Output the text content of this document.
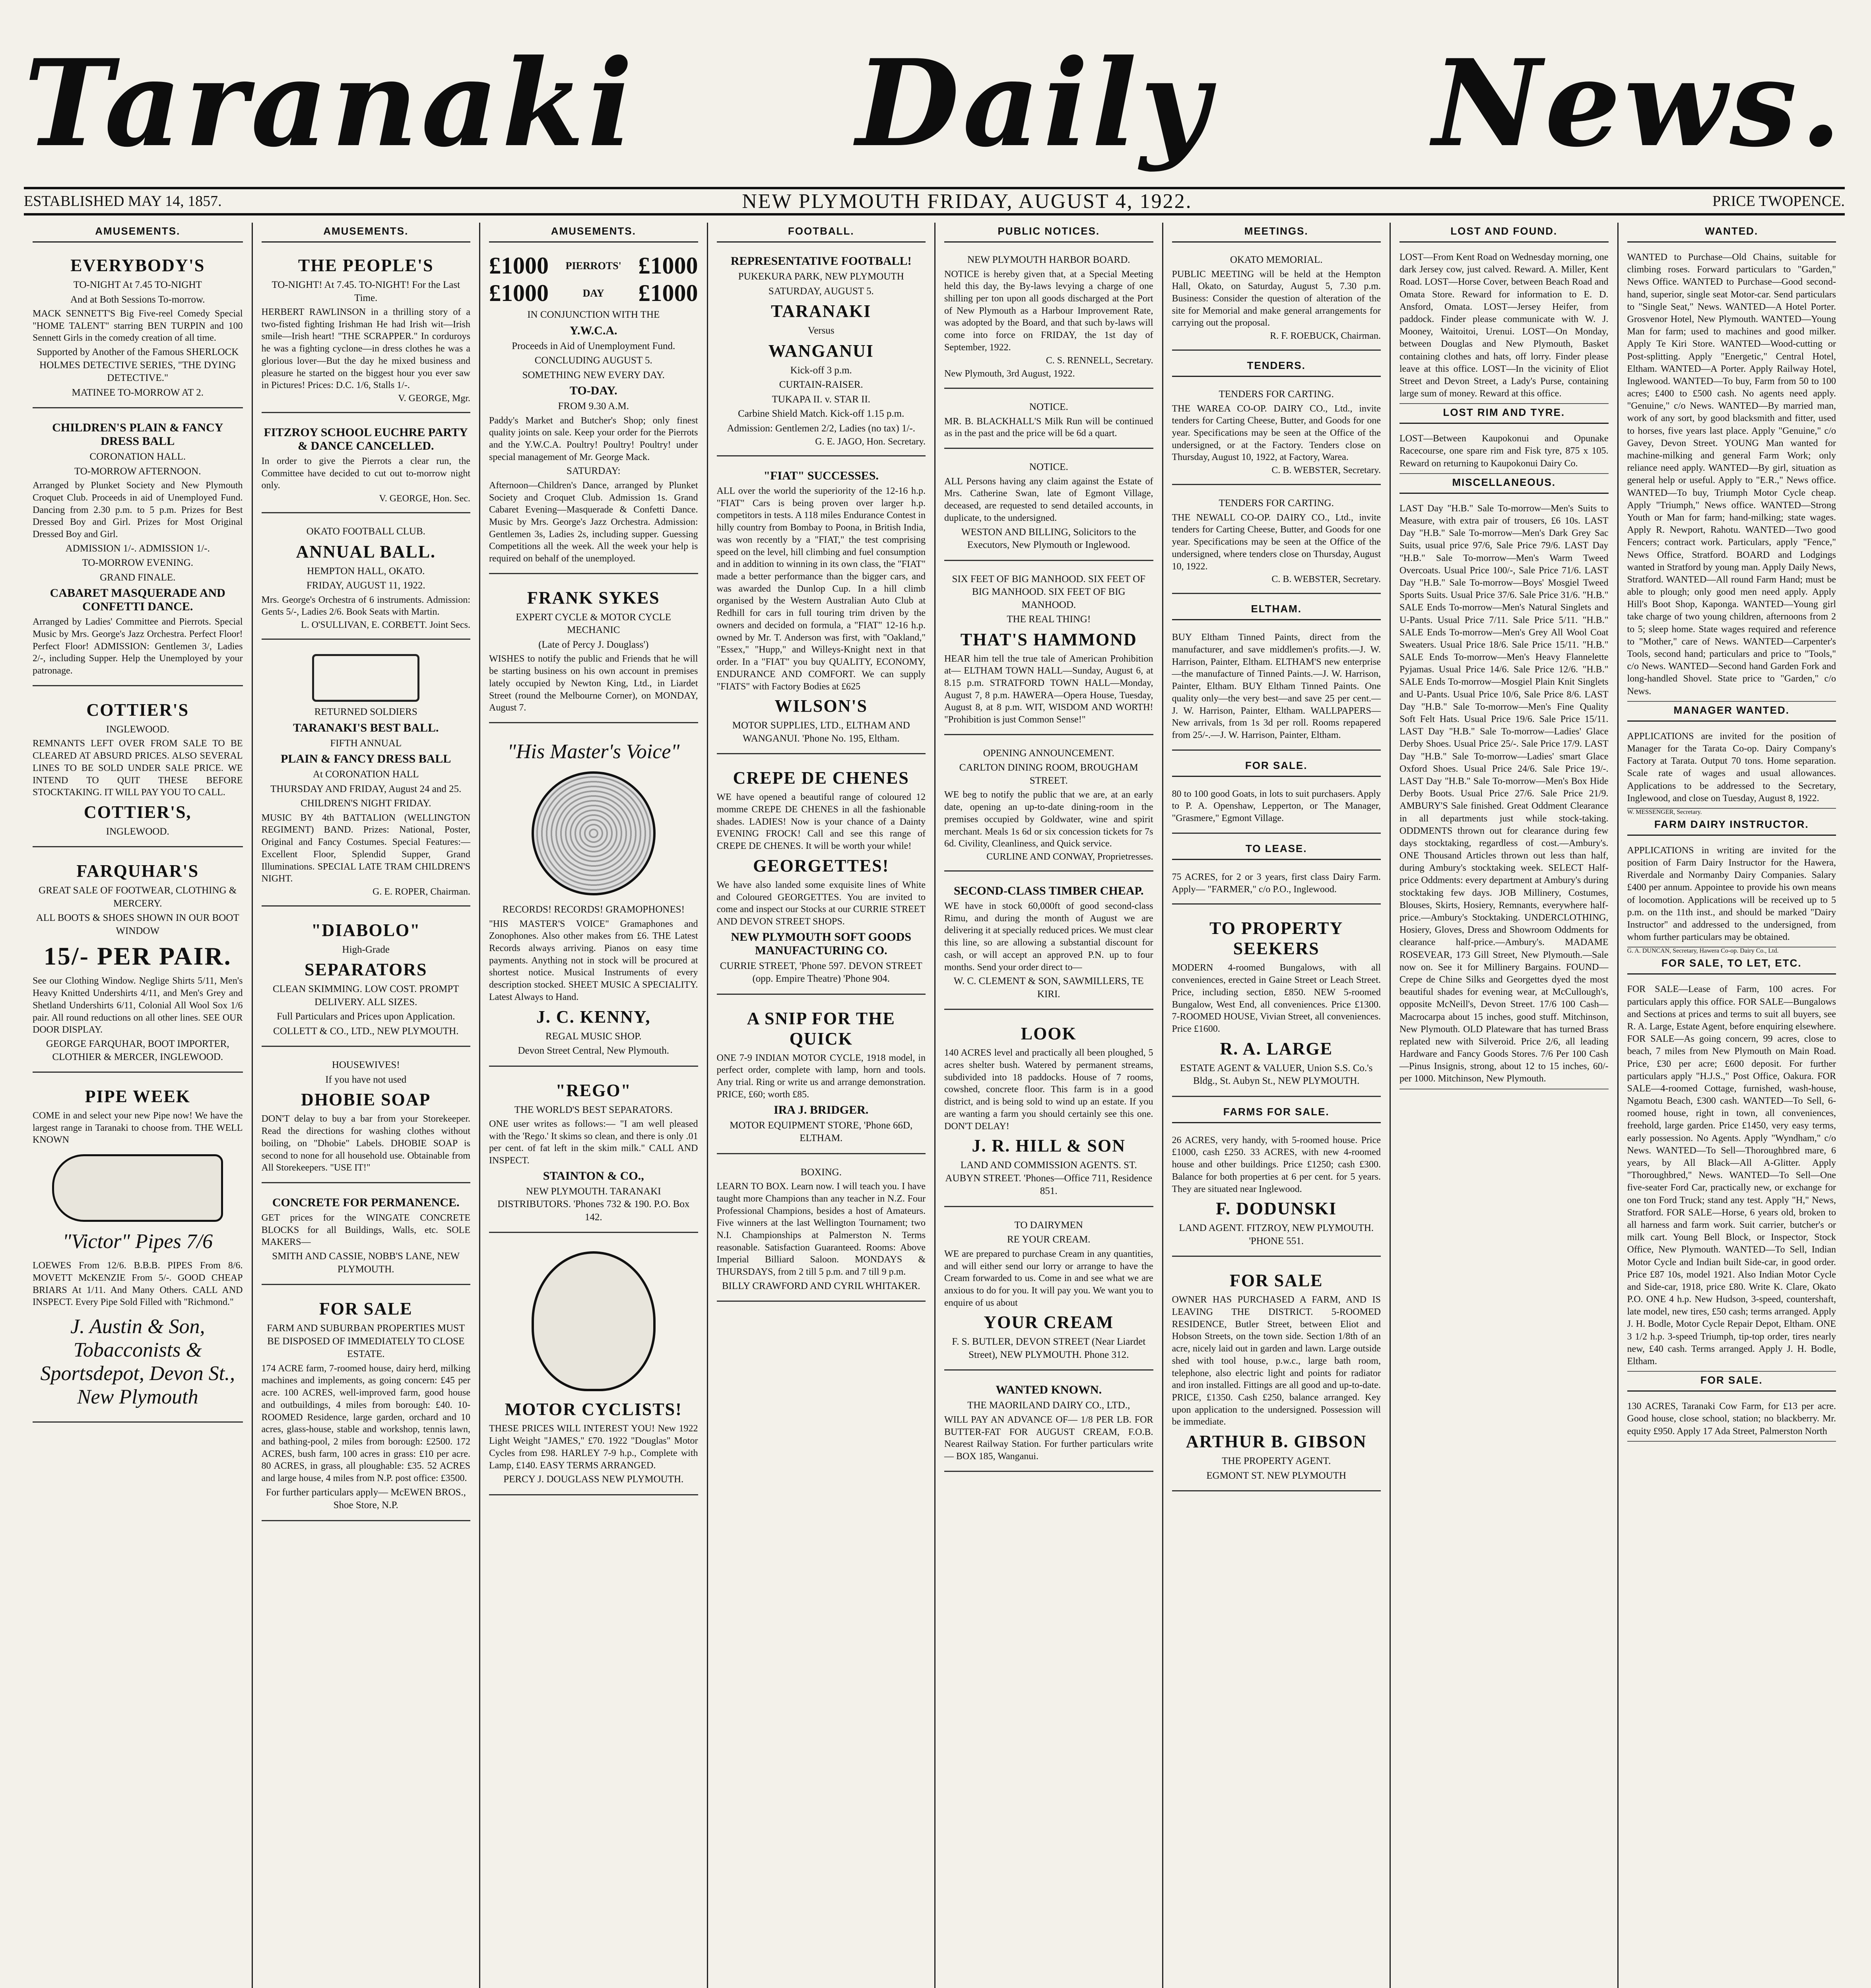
Taranaki Daily News.
ESTABLISHED MAY 14, 1857.	NEW PLYMOUTH FRIDAY, AUGUST 4, 1922.	PRICE TWOPENCE.
AMUSEMENTS.
EVERYBODY'S
TO-NIGHT At 7.45 TO-NIGHT
And at Both Sessions To-morrow.
MACK SENNETT'S Big Five-reel Comedy Special "HOME TALENT" starring BEN TURPIN and 100 Sennett Girls in the comedy creation of all time.
Supported by Another of the Famous SHERLOCK HOLMES DETECTIVE SERIES, "THE DYING DETECTIVE."
MATINEE TO-MORROW AT 2.
CHILDREN'S PLAIN & FANCY DRESS BALL
CORONATION HALL.
TO-MORROW AFTERNOON.
Arranged by Plunket Society and New Plymouth Croquet Club. Proceeds in aid of Unemployed Fund. Dancing from 2.30 p.m. to 5 p.m. Prizes for Best Dressed Boy and Girl. Prizes for Most Original Dressed Boy and Girl.
ADMISSION 1/-. ADMISSION 1/-.
TO-MORROW EVENING.
GRAND FINALE.
CABARET MASQUERADE AND CONFETTI DANCE.
Arranged by Ladies' Committee and Pierrots. Special Music by Mrs. George's Jazz Orchestra. Perfect Floor! Perfect Floor! ADMISSION: Gentlemen 3/, Ladies 2/-, including Supper. Help the Unemployed by your patronage.
COTTIER'S
INGLEWOOD.
REMNANTS LEFT OVER FROM SALE TO BE CLEARED AT ABSURD PRICES. ALSO SEVERAL LINES TO BE SOLD UNDER SALE PRICE. WE INTEND TO QUIT THESE BEFORE STOCKTAKING. IT WILL PAY YOU TO CALL.
COTTIER'S,
INGLEWOOD.
FARQUHAR'S
GREAT SALE OF FOOTWEAR, CLOTHING & MERCERY.
ALL BOOTS & SHOES SHOWN IN OUR BOOT WINDOW
15/- PER PAIR.
See our Clothing Window. Neglige Shirts 5/11, Men's Heavy Knitted Undershirts 4/11, and Men's Grey and Shetland Undershirts 6/11, Colonial All Wool Sox 1/6 pair. All round reductions on all other lines. SEE OUR DOOR DISPLAY.
GEORGE FARQUHAR, BOOT IMPORTER, CLOTHIER & MERCER, INGLEWOOD.
PIPE WEEK
COME in and select your new Pipe now! We have the largest range in Taranaki to choose from. THE WELL KNOWN
"Victor" Pipes 7/6
LOEWES From 12/6. B.B.B. PIPES From 8/6. MOVETT McKENZIE From 5/-. GOOD CHEAP BRIARS At 1/11. And Many Others. CALL AND INSPECT. Every Pipe Sold Filled with "Richmond."
J. Austin & Son, Tobacconists & Sportsdepot, Devon St., New Plymouth
AMUSEMENTS.
THE PEOPLE'S
TO-NIGHT! At 7.45. TO-NIGHT! For the Last Time.
HERBERT RAWLINSON in a thrilling story of a two-fisted fighting Irishman He had Irish wit—Irish smile—Irish heart! "THE SCRAPPER." In corduroys he was a fighting cyclone—in dress clothes he was a glorious lover—But the day he mixed business and pleasure he started on the biggest hour you ever saw in Pictures! Prices: D.C. 1/6, Stalls 1/-.
V. GEORGE, Mgr.
FITZROY SCHOOL EUCHRE PARTY & DANCE CANCELLED.
In order to give the Pierrots a clear run, the Committee have decided to cut out to-morrow night only.
V. GEORGE, Hon. Sec.
OKATO FOOTBALL CLUB.
ANNUAL BALL.
HEMPTON HALL, OKATO.
FRIDAY, AUGUST 11, 1922.
Mrs. George's Orchestra of 6 instruments. Admission: Gents 5/-, Ladies 2/6. Book Seats with Martin.
L. O'SULLIVAN, E. CORBETT. Joint Secs.
RETURNED SOLDIERS
TARANAKI'S BEST BALL.
FIFTH ANNUAL
PLAIN & FANCY DRESS BALL
At CORONATION HALL
THURSDAY AND FRIDAY, August 24 and 25.
CHILDREN'S NIGHT FRIDAY.
MUSIC BY 4th BATTALION (WELLINGTON REGIMENT) BAND. Prizes: National, Poster, Original and Fancy Costumes. Special Features:—Excellent Floor, Splendid Supper, Grand Illuminations. SPECIAL LATE TRAM CHILDREN'S NIGHT.
G. E. ROPER, Chairman.
"DIABOLO"
High-Grade
SEPARATORS
CLEAN SKIMMING. LOW COST. PROMPT DELIVERY. ALL SIZES.
Full Particulars and Prices upon Application.
COLLETT & CO., LTD., NEW PLYMOUTH.
HOUSEWIVES!
If you have not used
DHOBIE SOAP
DON'T delay to buy a bar from your Storekeeper. Read the directions for washing clothes without boiling, on "Dhobie" Labels. DHOBIE SOAP is second to none for all household use. Obtainable from All Storekeepers. "USE IT!"
CONCRETE FOR PERMANENCE.
GET prices for the WINGATE CONCRETE BLOCKS for all Buildings, Walls, etc. SOLE MAKERS—
SMITH AND CASSIE, NOBB'S LANE, NEW PLYMOUTH.
FOR SALE
FARM AND SUBURBAN PROPERTIES MUST BE DISPOSED OF IMMEDIATELY TO CLOSE ESTATE.
174 ACRE farm, 7-roomed house, dairy herd, milking machines and implements, as going concern: £45 per acre. 100 ACRES, well-improved farm, good house and outbuildings, 4 miles from borough: £40. 10-ROOMED Residence, large garden, orchard and 10 acres, glass-house, stable and workshop, tennis lawn, and bathing-pool, 2 miles from borough: £2500. 172 ACRES, bush farm, 100 acres in grass: £10 per acre. 80 ACRES, in grass, all ploughable: £35. 52 ACRES and large house, 4 miles from N.P. post office: £3500.
For further particulars apply— McEWEN BROS., Shoe Store, N.P.
AMUSEMENTS.
£1000 PIERROTS' £1000
£1000	DAY £1000
IN CONJUNCTION WITH THE
Y.W.C.A.
Proceeds in Aid of Unemployment Fund.
CONCLUDING AUGUST 5.
SOMETHING NEW EVERY DAY.
TO-DAY.
FROM 9.30 A.M.
Paddy's Market and Butcher's Shop; only finest quality joints on sale. Keep your order for the Pierrots and the Y.W.C.A. Poultry! Poultry! Poultry! under special management of Mr. George Mack.
SATURDAY:
Afternoon—Children's Dance, arranged by Plunket Society and Croquet Club. Admission 1s. Grand Cabaret Evening—Masquerade & Confetti Dance. Music by Mrs. George's Jazz Orchestra. Admission: Gentlemen 3s, Ladies 2s, including supper. Guessing Competitions all the week. All the week your help is required on behalf of the unemployed.
FRANK SYKES
EXPERT CYCLE & MOTOR CYCLE MECHANIC
(Late of Percy J. Douglass')
WISHES to notify the public and Friends that he will be starting business on his own account in premises lately occupied by Newton King, Ltd., in Liardet Street (round the Melbourne Corner), on MONDAY, August 7.
"His Master's Voice"
RECORDS! RECORDS! GRAMOPHONES!
"HIS MASTER'S VOICE" Gramaphones and Zonophones. Also other makes from £6. THE Latest Records always arriving. Pianos on easy time payments. Anything not in stock will be procured at shortest notice. Musical Instruments of every description stocked. SHEET MUSIC A SPECIALITY. Latest Always to Hand.
J. C. KENNY,
REGAL MUSIC SHOP.
Devon Street Central, New Plymouth.
"REGO"
THE WORLD'S BEST SEPARATORS.
ONE user writes as follows:— "I am well pleased with the 'Rego.' It skims so clean, and there is only .01 per cent. of fat left in the skim milk." CALL AND INSPECT.
STAINTON & CO.,
NEW PLYMOUTH. TARANAKI DISTRIBUTORS. 'Phones 732 & 190. P.O. Box 142.
MOTOR CYCLISTS!
THESE PRICES WILL INTEREST YOU! New 1922 Light Weight "JAMES," £70. 1922 "Douglas" Motor Cycles from £98. HARLEY 7-9 h.p., Complete with Lamp, £140. EASY TERMS ARRANGED.
PERCY J. DOUGLASS NEW PLYMOUTH.
FOOTBALL.
REPRESENTATIVE FOOTBALL!
PUKEKURA PARK, NEW PLYMOUTH
SATURDAY, AUGUST 5.
TARANAKI
Versus
WANGANUI
Kick-off 3 p.m.
CURTAIN-RAISER.
TUKAPA II. v. STAR II.
Carbine Shield Match. Kick-off 1.15 p.m.
Admission: Gentlemen 2/2, Ladies (no tax) 1/-.
G. E. JAGO, Hon. Secretary.
"FIAT" SUCCESSES.
ALL over the world the superiority of the 12-16 h.p. "FIAT" Cars is being proven over larger h.p. competitors in tests. A 118 miles Endurance Contest in hilly country from Bombay to Poona, in British India, was won recently by a "FIAT," the test comprising speed on the level, hill climbing and fuel consumption and in addition to winning in its own class, the "FIAT" made a better performance than the bigger cars, and was awarded the Dunlop Cup. In a hill climb organised by the Western Australian Auto Club at Redhill for cars in full touring trim driven by the owners and decided on formula, a "FIAT" 12-16 h.p. owned by Mr. T. Anderson was first, with "Oakland," "Essex," "Hupp," and Willeys-Knight next in that order. In a "FIAT" you buy QUALITY, ECONOMY, ENDURANCE AND COMFORT. We can supply "FIATS" with Factory Bodies at £625
WILSON'S
MOTOR SUPPLIES, LTD., ELTHAM AND WANGANUI. 'Phone No. 195, Eltham.
CREPE DE CHENES
WE have opened a beautiful range of coloured 12 momme CREPE DE CHENES in all the fashionable shades. LADIES! Now is your chance of a Dainty EVENING FROCK! Call and see this range of CREPE DE CHENES. It will be worth your while!
GEORGETTES!
We have also landed some exquisite lines of White and Coloured GEORGETTES. You are invited to come and inspect our Stocks at our CURRIE STREET AND DEVON STREET SHOPS.
NEW PLYMOUTH SOFT GOODS MANUFACTURING CO.
CURRIE STREET, 'Phone 597. DEVON STREET (opp. Empire Theatre) 'Phone 904.
A SNIP FOR THE QUICK
ONE 7-9 INDIAN MOTOR CYCLE, 1918 model, in perfect order, complete with lamp, horn and tools. Any trial. Ring or write us and arrange demonstration. PRICE, £60; worth £85.
IRA J. BRIDGER.
MOTOR EQUIPMENT STORE, 'Phone 66D, ELTHAM.
BOXING.
LEARN TO BOX. Learn now. I will teach you. I have taught more Champions than any teacher in N.Z. Four Professional Champions, besides a host of Amateurs. Five winners at the last Wellington Tournament; two N.I. Championships at Palmerston N. Terms reasonable. Satisfaction Guaranteed. Rooms: Above Imperial Billiard Saloon. MONDAYS & THURSDAYS, from 2 till 5 p.m. and 7 till 9 p.m.
BILLY CRAWFORD AND CYRIL WHITAKER.
PUBLIC NOTICES.
NEW PLYMOUTH HARBOR BOARD.
NOTICE is hereby given that, at a Special Meeting held this day, the By-laws levying a charge of one shilling per ton upon all goods discharged at the Port of New Plymouth as a Harbour Improvement Rate, was adopted by the Board, and that such by-laws will come into force on FRIDAY, the 1st day of September, 1922.
C. S. RENNELL, Secretary.
New Plymouth, 3rd August, 1922.
NOTICE.
MR. B. BLACKHALL'S Milk Run will be continued as in the past and the price will be 6d a quart.
NOTICE.
ALL Persons having any claim against the Estate of Mrs. Catherine Swan, late of Egmont Village, deceased, are requested to send detailed accounts, in duplicate, to the undersigned.
WESTON AND BILLING, Solicitors to the Executors, New Plymouth or Inglewood.
SIX FEET OF BIG MANHOOD. SIX FEET OF BIG MANHOOD. SIX FEET OF BIG MANHOOD.
THE REAL THING!
THAT'S HAMMOND
HEAR him tell the true tale of American Prohibition at— ELTHAM TOWN HALL—Sunday, August 6, at 8.15 p.m. STRATFORD TOWN HALL—Monday, August 7, 8 p.m. HAWERA—Opera House, Tuesday, August 8, at 8 p.m. WIT, WISDOM AND WORTH! "Prohibition is just Common Sense!"
OPENING ANNOUNCEMENT.
CARLTON DINING ROOM, BROUGHAM STREET.
WE beg to notify the public that we are, at an early date, opening an up-to-date dining-room in the premises occupied by Goldwater, wine and spirit merchant. Meals 1s 6d or six concession tickets for 7s 6d. Civility, Cleanliness, and Quick service.
CURLINE AND CONWAY, Proprietresses.
SECOND-CLASS TIMBER CHEAP.
WE have in stock 60,000ft of good second-class Rimu, and during the month of August we are delivering it at specially reduced prices. We must clear this line, so are allowing a substantial discount for cash, or will accept an approved P.N. up to four months. Send your order direct to—
W. C. CLEMENT & SON, SAWMILLERS, TE KIRI.
LOOK
140 ACRES level and practically all been ploughed, 5 acres shelter bush. Watered by permanent streams, subdivided into 18 paddocks. House of 7 rooms, cowshed, concrete floor. This farm is in a good district, and is being sold to wind up an estate. If you are wanting a farm you should certainly see this one. DON'T DELAY!
J. R. HILL & SON
LAND AND COMMISSION AGENTS. ST. AUBYN STREET. 'Phones—Office 711, Residence 851.
TO DAIRYMEN
RE YOUR CREAM.
WE are prepared to purchase Cream in any quantities, and will either send our lorry or arrange to have the Cream forwarded to us. Come in and see what we are anxious to do for you. It will pay you. We want you to enquire of us about
YOUR CREAM
F. S. BUTLER, DEVON STREET (Near Liardet Street), NEW PLYMOUTH. Phone 312.
WANTED KNOWN.
THE MAORILAND DAIRY CO., LTD.,
WILL PAY AN ADVANCE OF— 1/8 PER LB. FOR BUTTER-FAT FOR AUGUST CREAM, F.O.B. Nearest Railway Station. For further particulars write— BOX 185, Wanganui.
MEETINGS.
OKATO MEMORIAL.
PUBLIC MEETING will be held at the Hempton Hall, Okato, on Saturday, August 5, 7.30 p.m. Business: Consider the question of alteration of the site for Memorial and make general arrangements for carrying out the proposal.
R. F. ROEBUCK, Chairman.
TENDERS.
TENDERS FOR CARTING.
THE WAREA CO-OP. DAIRY CO., Ltd., invite tenders for Carting Cheese, Butter, and Goods for one year. Specifications may be seen at the Office of the undersigned, or at the Factory. Tenders close on Thursday, August 10, 1922, at Factory, Warea.
C. B. WEBSTER, Secretary.
TENDERS FOR CARTING.
THE NEWALL CO-OP. DAIRY CO., Ltd., invite tenders for Carting Cheese, Butter, and Goods for one year. Specifications may be seen at the Office of the undersigned, where tenders close on Thursday, August 10, 1922.
C. B. WEBSTER, Secretary.
ELTHAM.
BUY Eltham Tinned Paints, direct from the manufacturer, and save middlemen's profits.—J. W. Harrison, Painter, Eltham. ELTHAM'S new enterprise—the manufacture of Tinned Paints.—J. W. Harrison, Painter, Eltham. BUY Eltham Tinned Paints. One quality only—the very best—and save 25 per cent.—J. W. Harrison, Painter, Eltham. WALLPAPERS—New arrivals, from 1s 3d per roll. Rooms repapered from 25/-.—J. W. Harrison, Painter, Eltham.
FOR SALE.
80 to 100 good Goats, in lots to suit purchasers. Apply to P. A. Openshaw, Lepperton, or The Manager, "Grasmere," Egmont Village.
TO LEASE.
75 ACRES, for 2 or 3 years, first class Dairy Farm. Apply— "FARMER," c/o P.O., Inglewood.
TO PROPERTY SEEKERS
MODERN 4-roomed Bungalows, with all conveniences, erected in Gaine Street or Leach Street. Price, including section, £850. NEW 5-roomed Bungalow, West End, all conveniences. Price £1300. 7-ROOMED HOUSE, Vivian Street, all conveniences. Price £1600.
R. A. LARGE
ESTATE AGENT & VALUER, Union S.S. Co.'s Bldg., St. Aubyn St., NEW PLYMOUTH.
FARMS FOR SALE.
26 ACRES, very handy, with 5-roomed house. Price £1000, cash £250. 33 ACRES, with new 4-roomed house and other buildings. Price £1250; cash £300. Balance for both properties at 6 per cent. for 5 years. They are situated near Inglewood.
F. DODUNSKI
LAND AGENT. FITZROY, NEW PLYMOUTH. 'PHONE 551.
FOR SALE
OWNER HAS PURCHASED A FARM, AND IS LEAVING THE DISTRICT. 5-ROOMED RESIDENCE, Butler Street, between Eliot and Hobson Streets, on the town side. Section 1/8th of an acre, nicely laid out in garden and lawn. Large outside shed with tool house, p.w.c., large bath room, telephone, also electric light and points for radiator and iron installed. Fittings are all good and up-to-date. PRICE, £1350. Cash £250, balance arranged. Key upon application to the undersigned. Possession will be immediate.
ARTHUR B. GIBSON
THE PROPERTY AGENT.
EGMONT ST. NEW PLYMOUTH
LOST AND FOUND.
LOST—From Kent Road on Wednesday morning, one dark Jersey cow, just calved. Reward. A. Miller, Kent Road. LOST—Horse Cover, between Beach Road and Omata Store. Reward for information to E. D. Ansford, Omata. LOST—Jersey Heifer, from paddock. Finder please communicate with W. J. Mooney, Waitoitoi, Urenui. LOST—On Monday, between Douglas and New Plymouth, Basket containing clothes and hats, off lorry. Finder please leave at this office. LOST—In the vicinity of Eliot Street and Devon Street, a Lady's Purse, containing large sum of money. Reward at this office.
LOST RIM AND TYRE.
LOST—Between Kaupokonui and Opunake Racecourse, one spare rim and Fisk tyre, 875 x 105. Reward on returning to Kaupokonui Dairy Co.
MISCELLANEOUS.
LAST Day "H.B." Sale To-morrow—Men's Suits to Measure, with extra pair of trousers, £6 10s. LAST Day "H.B." Sale To-morrow—Men's Dark Grey Sac Suits, usual price 97/6, Sale Price 79/6. LAST Day "H.B." Sale To-morrow—Men's Warm Tweed Overcoats. Usual Price 100/-, Sale Price 71/6. LAST Day "H.B." Sale To-morrow—Boys' Mosgiel Tweed Sports Suits. Usual Price 37/6. Sale Price 31/6. "H.B." SALE Ends To-morrow—Men's Natural Singlets and U-Pants. Usual Price 7/11. Sale Price 5/11. "H.B." SALE Ends To-morrow—Men's Grey All Wool Coat Sweaters. Usual Price 18/6. Sale Price 15/11. "H.B." SALE Ends To-morrow—Men's Heavy Flannelette Pyjamas. Usual Price 14/6. Sale Price 12/6. "H.B." SALE Ends To-morrow—Mosgiel Plain Knit Singlets and U-Pants. Usual Price 10/6, Sale Price 8/6. LAST Day "H.B." Sale To-morrow—Men's Fine Quality Soft Felt Hats. Usual Price 19/6. Sale Price 15/11. LAST Day "H.B." Sale To-morrow—Ladies' Glace Derby Shoes. Usual Price 25/-. Sale Price 17/9. LAST Day "H.B." Sale To-morrow—Ladies' smart Glace Oxford Shoes. Usual Price 24/6. Sale Price 19/-. LAST Day "H.B." Sale To-morrow—Men's Box Hide Derby Boots. Usual Price 27/6. Sale Price 21/9. AMBURY'S Sale finished. Great Oddment Clearance in all departments just while stock-taking. ODDMENTS thrown out for clearance during few days stocktaking, regardless of cost.—Ambury's. ONE Thousand Articles thrown out less than half, during Ambury's stocktaking week. SELECT Half-price Oddments: every department at Ambury's during stocktaking few days. JOB Millinery, Costumes, Blouses, Skirts, Hosiery, Remnants, everywhere half-price.—Ambury's Stocktaking. UNDERCLOTHING, Hosiery, Gloves, Dress and Showroom Oddments for clearance half-price.—Ambury's. MADAME ROSEVEAR, 173 Gill Street, New Plymouth.—Sale now on. See it for Millinery Bargains. FOUND—Crepe de Chine Silks and Georgettes dyed the most beautiful shades for evening wear, at McCullough's, opposite McNeill's, Devon Street. 17/6 100 Cash—Macrocarpa about 15 inches, good stuff. Mitchinson, New Plymouth. OLD Plateware that has turned Brass replated new with Silveroid. Price 2/6, all leading Hardware and Fancy Goods Stores. 7/6 Per 100 Cash—Pinus Insignis, strong, about 12 to 15 inches, 60/- per 1000. Mitchinson, New Plymouth.
WANTED.
WANTED to Purchase—Old Chains, suitable for climbing roses. Forward particulars to "Garden," News Office. WANTED to Purchase—Good second-hand, superior, single seat Motor-car. Send particulars to "Single Seat," News. WANTED—A Hotel Porter. Grosvenor Hotel, New Plymouth. WANTED—Young Man for farm; used to machines and good milker. Apply Te Kiri Store. WANTED—Wood-cutting or Post-splitting. Apply "Energetic," Central Hotel, Eltham. WANTED—A Porter. Apply Railway Hotel, Inglewood. WANTED—To buy, Farm from 50 to 100 acres; £400 to £500 cash. No agents need apply. "Genuine," c/o News. WANTED—By married man, work of any sort, by good blacksmith and fitter, used to horses, five years last place. Apply "Genuine," c/o Gavey, Devon Street. YOUNG Man wanted for machine-milking and general Farm Work; only reliance need apply. WANTED—By girl, situation as general help or useful. Apply to "E.R.," News office. WANTED—To buy, Triumph Motor Cycle cheap. Apply "Triumph," News office. WANTED—Strong Youth or Man for farm; hand-milking; state wages. Apply R. Newport, Rahotu. WANTED—Two good Fencers; contract work. Particulars, apply "Fence," News Office, Stratford. BOARD and Lodgings wanted in Stratford by young man. Apply Daily News, Stratford. WANTED—All round Farm Hand; must be able to plough; only good men need apply. Apply Hill's Boot Shop, Kaponga. WANTED—Young girl take charge of two young children, afternoons from 2 to 5; sleep home. State wages required and reference to "Mother," care of News. WANTED—Carpenter's Tools, second hand; particulars and price to "Tools," c/o News. WANTED—Second hand Garden Fork and long-handled Shovel. State price to "Garden," c/o News.
MANAGER WANTED.
APPLICATIONS are invited for the position of Manager for the Tarata Co-op. Dairy Company's Factory at Tarata. Output 70 tons. Home separation. Scale rate of wages and usual allowances. Applications to be addressed to the Secretary, Inglewood, and close on Tuesday, August 8, 1922.
W. MESSENGER, Secretary.
FARM DAIRY INSTRUCTOR.
APPLICATIONS in writing are invited for the position of Farm Dairy Instructor for the Hawera, Riverdale and Normanby Dairy Companies. Salary £400 per annum. Appointee to provide his own means of locomotion. Applications will be received up to 5 p.m. on the 11th inst., and should be marked "Dairy Instructor" and addressed to the undersigned, from whom further particulars may be obtained.
G. A. DUNCAN, Secretary, Hawera Co-op. Dairy Co., Ltd.
FOR SALE, TO LET, ETC.
FOR SALE—Lease of Farm, 100 acres. For particulars apply this office. FOR SALE—Bungalows and Sections at prices and terms to suit all buyers, see R. A. Large, Estate Agent, before enquiring elsewhere. FOR SALE—As going concern, 99 acres, close to beach, 7 miles from New Plymouth on Main Road. Price, £30 per acre; £600 deposit. For further particulars apply "H.J.S.," Post Office, Oakura. FOR SALE—4-roomed Cottage, furnished, wash-house, Ngamotu Beach, £300 cash. WANTED—To Sell, 6-roomed house, right in town, all conveniences, freehold, large garden. Price £1450, very easy terms, early possession. No Agents. Apply "Wyndham," c/o News. WANTED—To Sell—Thoroughbred mare, 6 years, by All Black—All A-Glitter. Apply "Thoroughbred," News. WANTED—To Sell—One five-seater Ford Car, practically new, or exchange for one ton Ford Truck; stand any test. Apply "H," News, Stratford. FOR SALE—Horse, 6 years old, broken to all harness and farm work. Suit carrier, butcher's or milk cart. Young Bell Block, or Inspector, Stock Office, New Plymouth. WANTED—To Sell, Indian Motor Cycle and Indian built Side-car, in good order. Price £87 10s, model 1921. Also Indian Motor Cycle and Side-car, 1918, price £80. Write K. Clare, Okato P.O. ONE 4 h.p. New Hudson, 3-speed, countershaft, late model, new tires, £50 cash; terms arranged. Apply J. H. Bodle, Motor Cycle Repair Depot, Eltham. ONE 3 1/2 h.p. 3-speed Triumph, tip-top order, tires nearly new, £40 cash. Terms arranged. Apply J. H. Bodle, Eltham.
FOR SALE.
130 ACRES, Taranaki Cow Farm, for £13 per acre. Good house, close school, station; no blackberry. Mr. equity £950. Apply 17 Ada Street, Palmerston North
